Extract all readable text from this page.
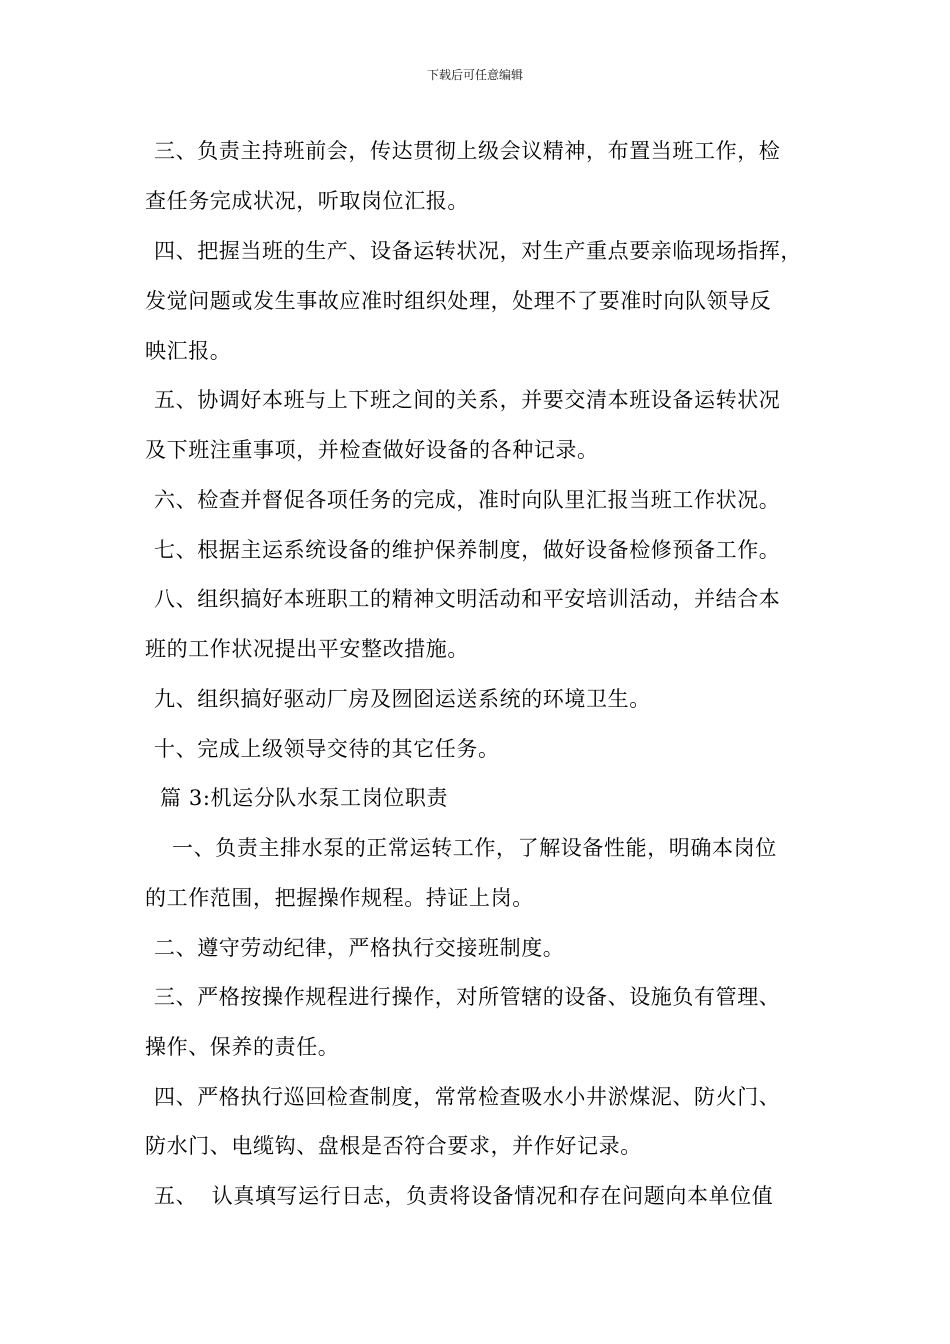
下载后可任意编辑
三、负责主持班前会，传达贯彻上级会议精神，布置当班工作，检
查任务完成状况，听取岗位汇报。
四、把握当班的生产、设备运转状况，对生产重点要亲临现场指挥，
发觉问题或发生事故应准时组织处理，处理不了要准时向队领导反
映汇报。
五、协调好本班与上下班之间的关系，并要交清本班设备运转状况
及下班注重事项，并检查做好设备的各种记录。
六、检查并督促各项任务的完成，准时向队里汇报当班工作状况。
七、根据主运系统设备的维护保养制度，做好设备检修预备工作。
八、组织搞好本班职工的精神文明活动和平安培训活动，并结合本
班的工作状况提出平安整改措施。
九、组织搞好驱动厂房及囫囵运送系统的环境卫生。
十、完成上级领导交待的其它任务。
篇 3:机运分队水泵工岗位职责
一、负责主排水泵的正常运转工作，了解设备性能，明确本岗位
的工作范围，把握操作规程。持证上岗。
二、遵守劳动纪律，严格执行交接班制度。
三、严格按操作规程进行操作，对所管辖的设备、设施负有管理、
操作、保养的责任。
四、严格执行巡回检查制度，常常检查吸水小井淤煤泥、防火门、
防水门、电缆钩、盘根是否符合要求，并作好记录。
五、  认真填写运行日志，负责将设备情况和存在问题向本单位值
